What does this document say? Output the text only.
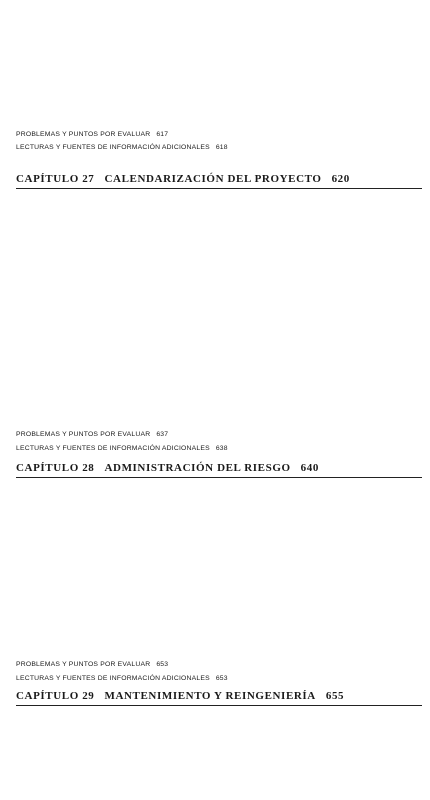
PROBLEMAS Y PUNTOS POR EVALUAR 617
LECTURAS Y FUENTES DE INFORMACIÓN ADICIONALES 618
CAPÍTULO 27 CALENDARIZACIÓN DEL PROYECTO 620
PROBLEMAS Y PUNTOS POR EVALUAR 637
LECTURAS Y FUENTES DE INFORMACIÓN ADICIONALES 638
CAPÍTULO 28 ADMINISTRACIÓN DEL RIESGO 640
PROBLEMAS Y PUNTOS POR EVALUAR 653
LECTURAS Y FUENTES DE INFORMACIÓN ADICIONALES 653
CAPÍTULO 29 MANTENIMIENTO Y REINGENIERÍA 655
